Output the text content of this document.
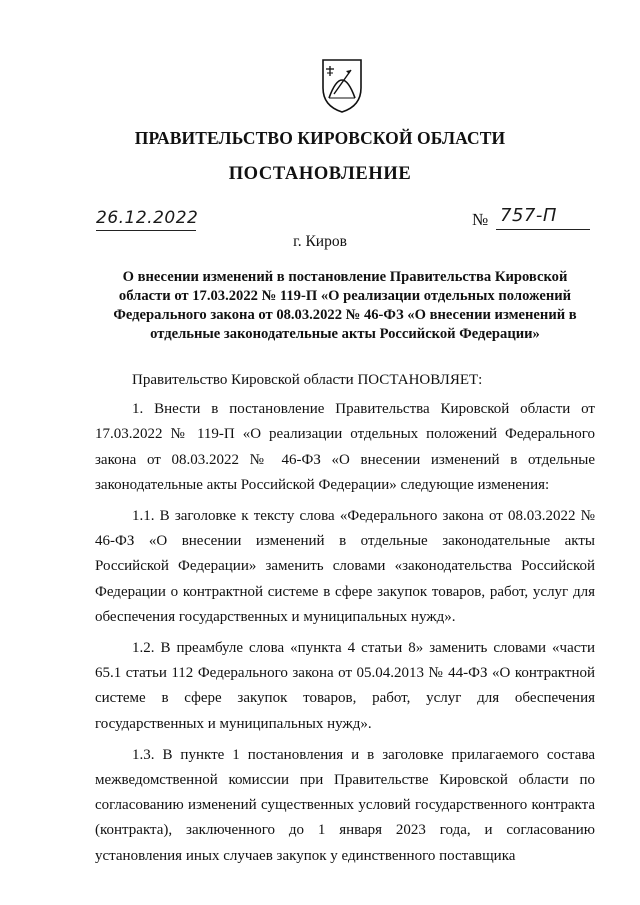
ПРАВИТЕЛЬСТВО КИРОВСКОЙ ОБЛАСТИ
ПОСТАНОВЛЕНИЕ
26.12.2022	№ 757-П
г. Киров
О внесении изменений в постановление Правительства Кировской области от 17.03.2022 № 119-П «О реализации отдельных положений Федерального закона от 08.03.2022 № 46-ФЗ «О внесении изменений в отдельные законодательные акты Российской Федерации»

Правительство Кировской области ПОСТАНОВЛЯЕТ:

1. Внести в постановление Правительства Кировской области от 17.03.2022 № 119-П «О реализации отдельных положений Федерального закона от 08.03.2022 № 46-ФЗ «О внесении изменений в отдельные законодательные акты Российской Федерации» следующие изменения:

1.1. В заголовке к тексту слова «Федерального закона от 08.03.2022 № 46-ФЗ «О внесении изменений в отдельные законодательные акты Российской Федерации» заменить словами «законодательства Российской Федерации о контрактной системе в сфере закупок товаров, работ, услуг для обеспечения государственных и муниципальных нужд».

1.2. В преамбуле слова «пункта 4 статьи 8» заменить словами «части 65.1 статьи 112 Федерального закона от 05.04.2013 № 44-ФЗ «О контрактной системе в сфере закупок товаров, работ, услуг для обеспечения государственных и муниципальных нужд».

1.3. В пункте 1 постановления и в заголовке прилагаемого состава межведомственной комиссии при Правительстве Кировской области по согласованию изменений существенных условий государственного контракта (контракта), заключенного до 1 января 2023 года, и согласованию установления иных случаев закупок у единственного поставщика
